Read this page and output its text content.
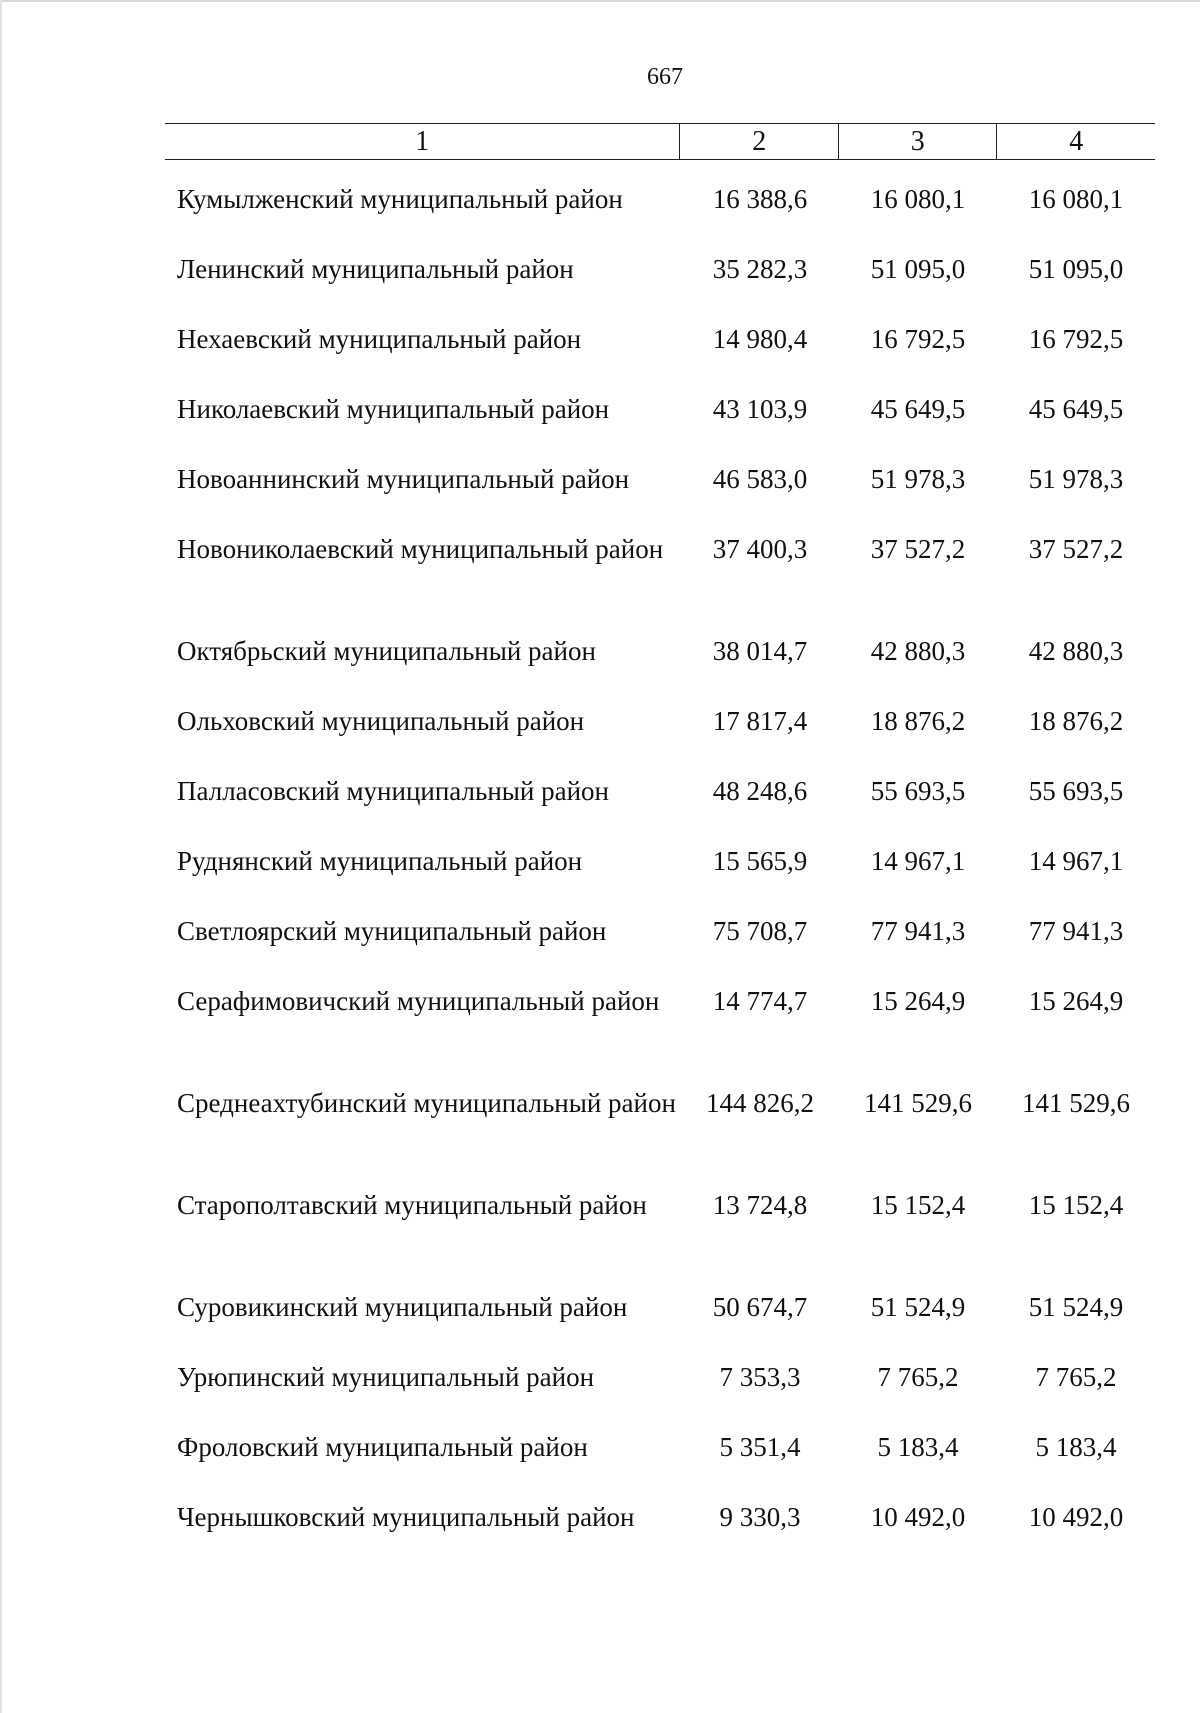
667
1	2	3	4
Кумылженский муниципальный район	16 388,6	16 080,1	16 080,1
Ленинский муниципальный район	35 282,3	51 095,0	51 095,0
Нехаевский муниципальный район	14 980,4	16 792,5	16 792,5
Николаевский муниципальный район	43 103,9	45 649,5	45 649,5
Новоаннинский муниципальный район	46 583,0	51 978,3	51 978,3
Новониколаевский муниципальный район	37 400,3	37 527,2	37 527,2
Октябрьский муниципальный район	38 014,7	42 880,3	42 880,3
Ольховский муниципальный район	17 817,4	18 876,2	18 876,2
Палласовский муниципальный район	48 248,6	55 693,5	55 693,5
Руднянский муниципальный район	15 565,9	14 967,1	14 967,1
Светлоярский муниципальный район	75 708,7	77 941,3	77 941,3
Серафимовичский муниципальный район	14 774,7	15 264,9	15 264,9
Среднеахтубинский муниципальный район	144 826,2	141 529,6	141 529,6
Старополтавский муниципальный район	13 724,8	15 152,4	15 152,4
Суровикинский муниципальный район	50 674,7	51 524,9	51 524,9
Урюпинский муниципальный район	7 353,3	7 765,2	7 765,2
Фроловский муниципальный район	5 351,4	5 183,4	5 183,4
Чернышковский муниципальный район	9 330,3	10 492,0	10 492,0
